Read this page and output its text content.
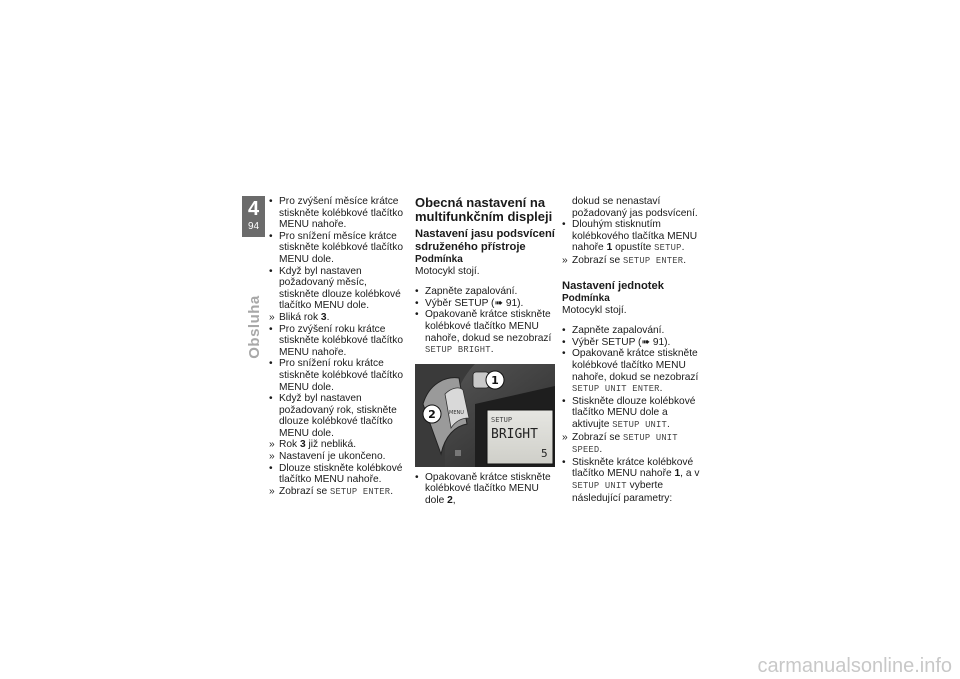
4
94
Obsluha
• Pro zvýšení měsíce krátce stiskněte kolébkové tlačítko MENU nahoře.
• Pro snížení měsíce krátce stiskněte kolébkové tlačítko MENU dole.
• Když byl nastaven požadovaný měsíc, stiskněte dlouze kolébkové tlačítko MENU dole.
» Bliká rok 3.
• Pro zvýšení roku krátce stiskněte kolébkové tlačítko MENU nahoře.
• Pro snížení roku krátce stiskněte kolébkové tlačítko MENU dole.
• Když byl nastaven požadovaný rok, stiskněte dlouze kolébkové tlačítko MENU dole.
» Rok 3 již nebliká.
» Nastavení je ukončeno.
• Dlouze stiskněte kolébkové tlačítko MENU nahoře.
» Zobrazí se SETUP ENTER.
Obecná nastavení na multifunkčním displeji
Nastavení jasu podsvícení sdruženého přístroje
Podmínka
Motocykl stojí.
• Zapněte zapalování.
• Výběr SETUP (➠ 91).
• Opakovaně krátce stiskněte kolébkové tlačítko MENU nahoře, dokud se nezobrazí SETUP BRIGHT.
MENU
SETUP
BRIGHT
5
1
2
• Opakovaně krátce stiskněte kolébkové tlačítko MENU dole 2,
dokud se nenastaví požadovaný jas podsvícení.
• Dlouhým stisknutím kolébkového tlačítka MENU nahoře 1 opustíte SETUP.
» Zobrazí se SETUP ENTER.
Nastavení jednotek
Podmínka
Motocykl stojí.
• Zapněte zapalování.
• Výběr SETUP (➠ 91).
• Opakovaně krátce stiskněte kolébkové tlačítko MENU nahoře, dokud se nezobrazí SETUP UNIT ENTER.
• Stiskněte dlouze kolébkové tlačítko MENU dole a aktivujte SETUP UNIT.
» Zobrazí se SETUP UNIT SPEED.
• Stiskněte krátce kolébkové tlačítko MENU nahoře 1, a v SETUP UNIT vyberte následující parametry:
carmanualsonline.info
